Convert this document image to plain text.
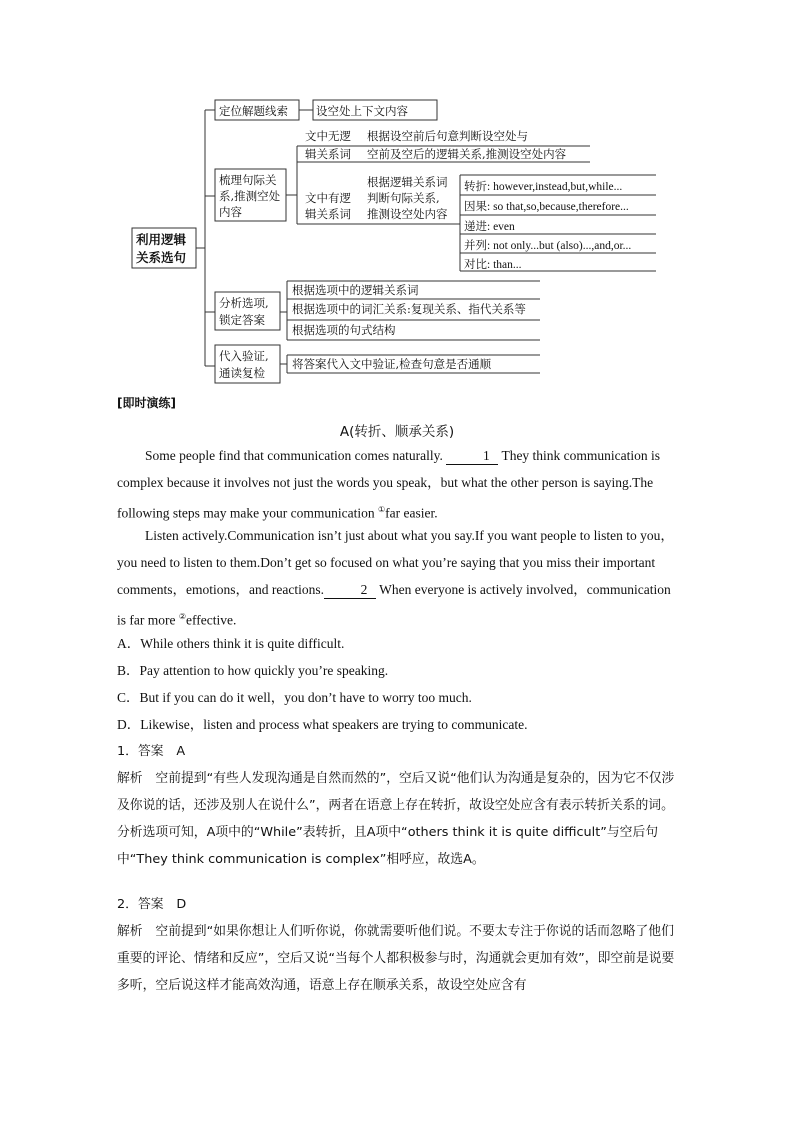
利用逻辑
关系选句
定位解题线索 设空处上下文内容
梳理句际关
系,推测空处
内容
文中无逻
辑关系词
根据设空前后句意判断设空处与
空前及空后的逻辑关系,推测设空处内容
文中有逻
辑关系词
根据逻辑关系词
判断句际关系,
推测设空处内容
转折: however,instead,but,while...
因果: so that,so,because,therefore...
递进: even
并列: not only...but (also)...,and,or...
对比: than...
分析选项,
锁定答案
根据选项中的逻辑关系词
根据选项中的词汇关系:复现关系、指代关系等
根据选项的句式结构
代入验证,
通读复检
将答案代入文中验证,检查句意是否通顺
[即时演练]
A(转折、顺承关系)
Some people find that communication comes naturally.	1 They think communication is complex because it involves not just the words you speak，but what the other person is saying.The following steps may make your communication ①far easier.
Listen actively.Communication isn’t just about what you say.If you want people to listen to you，you need to listen to them.Don’t get so focused on what you’re saying that you miss their important comments，emotions，and reactions.	2 When everyone is actively involved，communication is far more ②effective.
A．While others think it is quite difficult.
B．Pay attention to how quickly you’re speaking.
C．But if you can do it well，you don’t have to worry too much.
D．Likewise，listen and process what speakers are trying to communicate.
1．答案　A
解析　空前提到“有些人发现沟通是自然而然的”，空后又说“他们认为沟通是复杂的，因为它不仅涉及你说的话，还涉及别人在说什么”，两者在语意上存在转折，故设空处应含有表示转折关系的词。分析选项可知，A项中的“While”表转折，且A项中“others think it is quite difficult”与空后句中“They think communication is complex”相呼应，故选A。
2．答案　D
解析　空前提到“如果你想让人们听你说，你就需要听他们说。不要太专注于你说的话而忽略了他们重要的评论、情绪和反应”，空后又说“当每个人都积极参与时，沟通就会更加有效”，即空前是说要多听，空后说这样才能高效沟通，语意上存在顺承关系，故设空处应含有
